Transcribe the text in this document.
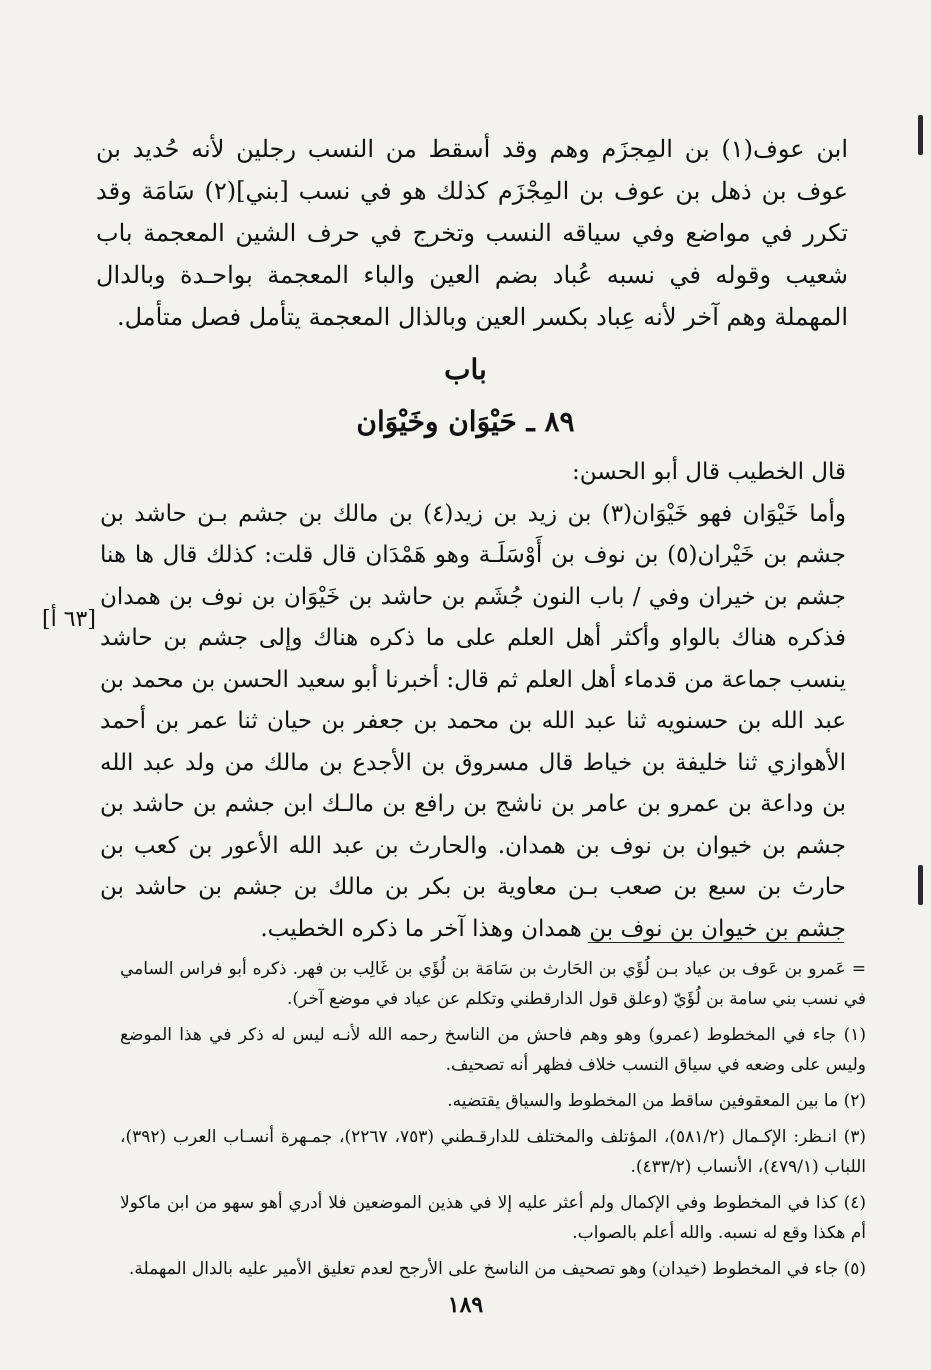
ابن عوف(١) بن المِجزَم وهم وقد أسقط من النسب رجلين لأنه حُديد بن عوف بن ذهل بن عوف بن المِجْزَم كذلك هو في نسب [بني](٢) سَامَة وقد تكرر في مواضع وفي سياقه النسب وتخرج في حرف الشين المعجمة باب شعيب وقوله في نسبه عُباد بضم العين والباء المعجمة بواحـدة وبالدال المهملة وهم آخر لأنه عِباد بكسر العين وبالذال المعجمة يتأمل فصل متأمل.

باب
٨٩ ـ حَيْوَان وخَيْوَان

قال الخطيب قال أبو الحسن:

وأما خَيْوَان فهو خَيْوَان(٣) بن زيد بن زيد(٤) بن مالك بن جشم بـن حاشد بن جشم بن خَيْران(٥) بن نوف بن أَوْسَلَـة وهو هَمْدَان قال قلت: كذلك قال ها هنا جشم بن خيران وفي / باب النون جُشَم بن حاشد بن خَيْوَان بن نوف بن همدان فذكره هناك بالواو وأكثر أهل العلم على ما ذكره هناك وإلى جشم بن حاشد ينسب جماعة من قدماء أهل العلم ثم قال: أخبرنا أبو سعيد الحسن بن محمد بن عبد الله بن حسنويه ثنا عبد الله بن محمد بن جعفر بن حيان ثنا عمر بن أحمد الأهوازي ثنا خليفة بن خياط قال مسروق بن الأجدع بن مالك من ولد عبد الله بن وداعة بن عمرو بن عامر بن ناشج بن رافع بن مالـك ابن جشم بن حاشد بن جشم بن خيوان بن نوف بن همدان. والحارث بن عبد الله الأعور بن كعب بن حارث بن سبع بن صعب بـن معاوية بن بكر بن مالك بن جشم بن حاشد بن جشم بن خيوان بن نوف بن همدان وهذا آخر ما ذكره الخطيب.

[٦٣ أ]

= عَمرو بن عَوف بن عياد بـن لُؤَي بن الحَارث بن سَامَة بن لُؤَي بن غَالِب بن فهر. ذكره أبو فراس السامي في نسب بني سامة بن لُؤَيّ (وعلق قول الدارقطني وتكلم عن عياد في موضع آخر).

(١) جاء في المخطوط (عمرو) وهو وهم فاحش من الناسخ رحمه الله لأنـه ليس له ذكر في هذا الموضع وليس على وضعه في سياق النسب خلاف فظهر أنه تصحيف.

(٢) ما بين المعقوفين ساقط من المخطوط والسياق يقتضيه.

(٣) انـظر: الإكـمال (٥٨١/٢)، المؤتلف والمختلف للدارقـطني (٧٥٣، ٢٢٦٧)، جمـهرة أنسـاب العرب (٣٩٢)، اللباب (٤٧٩/١)، الأنساب (٤٣٣/٢).

(٤) كذا في المخطوط وفي الإكمال ولم أعثر عليه إلا في هذين الموضعين فلا أدري أهو سهو من ابن ماكولا أم هكذا وقع له نسبه. والله أعلم بالصواب.

(٥) جاء في المخطوط (خيدان) وهو تصحيف من الناسخ على الأرجح لعدم تعليق الأمير عليه بالدال المهملة.

١٨٩
